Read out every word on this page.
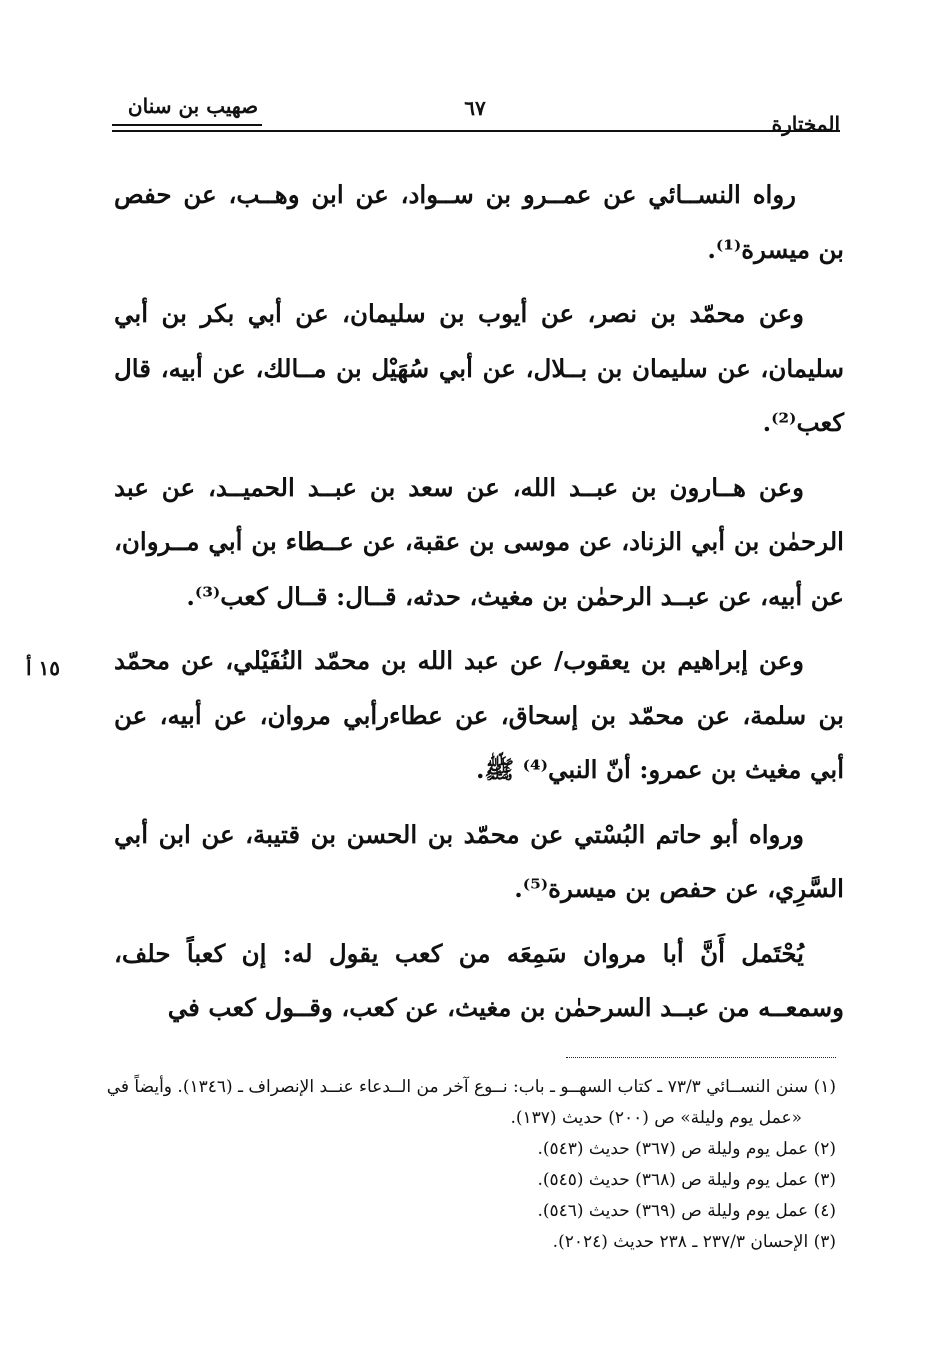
المختارة
٦٧
صهيب بن سنان
١٥ أ

رواه النســائي عن عمــرو بن ســواد، عن ابن وهــب، عن حفص بن ميسرة⁽¹⁾.

وعن محمّد بن نصر، عن أيوب بن سليمان، عن أبي بكر بن أبي سليمان، عن سليمان بن بــلال، عن أبي سُهَيْل بن مــالك، عن أبيه، قال كعب⁽²⁾.

وعن هــارون بن عبــد الله، عن سعد بن عبــد الحميــد، عن عبد الرحمٰن بن أبي الزناد، عن موسى بن عقبة، عن عــطاء بن أبي مــروان، عن أبيه، عن عبــد الرحمٰن بن مغيث، حدثه، قــال: قــال كعب⁽³⁾.

وعن إبراهيم بن يعقوب/ عن عبد الله بن محمّد النُفَيْلي، عن محمّد بن سلمة، عن محمّد بن إسحاق، عن عطاءرأبي مروان، عن أبيه، عن أبي مغيث بن عمرو: أنّ النبي⁽⁴⁾ ﷺ.

ورواه أبو حاتم البُسْتي عن محمّد بن الحسن بن قتيبة، عن ابن أبي السَّرِي، عن حفص بن ميسرة⁽⁵⁾.

يُحْتَمل أَنَّ أبا مروان سَمِعَه من كعب يقول له: إن كعباً حلف، وسمعــه من عبــد السرحمٰن بن مغيث، عن كعب، وقــول كعب في

(١) سنن النســائي ٧٣/٣ ـ كتاب السهــو ـ باب: نــوع آخر من الــدعاء عنــد الإنصراف ـ (١٣٤٦). وأيضاً في «عمل يوم وليلة» ص (٢٠٠) حديث (١٣٧).

(٢) عمل يوم وليلة ص (٣٦٧) حديث (٥٤٣).

(٣) عمل يوم وليلة ص (٣٦٨) حديث (٥٤٥).

(٤) عمل يوم وليلة ص (٣٦٩) حديث (٥٤٦).

(٣) الإحسان ٢٣٧/٣ ـ ٢٣٨ حديث (٢٠٢٤).
